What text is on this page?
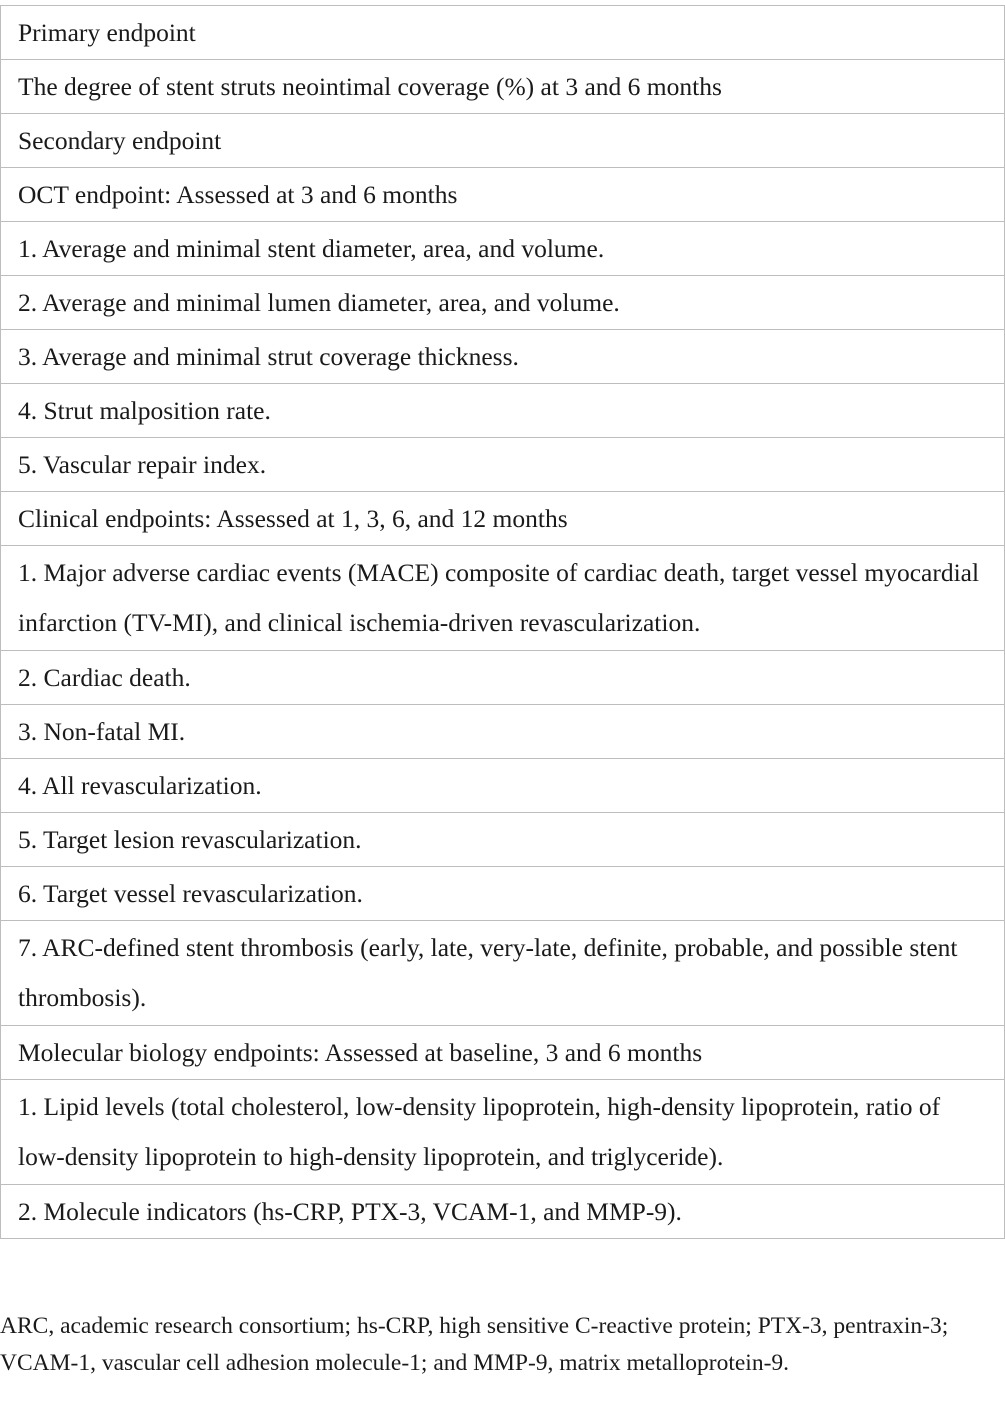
Primary endpoint
The degree of stent struts neointimal coverage (%) at 3 and 6 months
Secondary endpoint
OCT endpoint: Assessed at 3 and 6 months
1. Average and minimal stent diameter, area, and volume.
2. Average and minimal lumen diameter, area, and volume.
3. Average and minimal strut coverage thickness.
4. Strut malposition rate.
5. Vascular repair index.
Clinical endpoints: Assessed at 1, 3, 6, and 12 months
1. Major adverse cardiac events (MACE) composite of cardiac death, target vessel myocardial infarction (TV-MI), and clinical ischemia-driven revascularization.
2. Cardiac death.
3. Non-fatal MI.
4. All revascularization.
5. Target lesion revascularization.
6. Target vessel revascularization.
7. ARC-defined stent thrombosis (early, late, very-late, definite, probable, and possible stent thrombosis).
Molecular biology endpoints: Assessed at baseline, 3 and 6 months
1. Lipid levels (total cholesterol, low-density lipoprotein, high-density lipoprotein, ratio of low-density lipoprotein to high-density lipoprotein, and triglyceride).
2. Molecule indicators (hs-CRP, PTX-3, VCAM-1, and MMP-9).

ARC, academic research consortium; hs-CRP, high sensitive C-reactive protein; PTX-3, pentraxin-3; VCAM-1, vascular cell adhesion molecule-1; and MMP-9, matrix metalloprotein-9.
